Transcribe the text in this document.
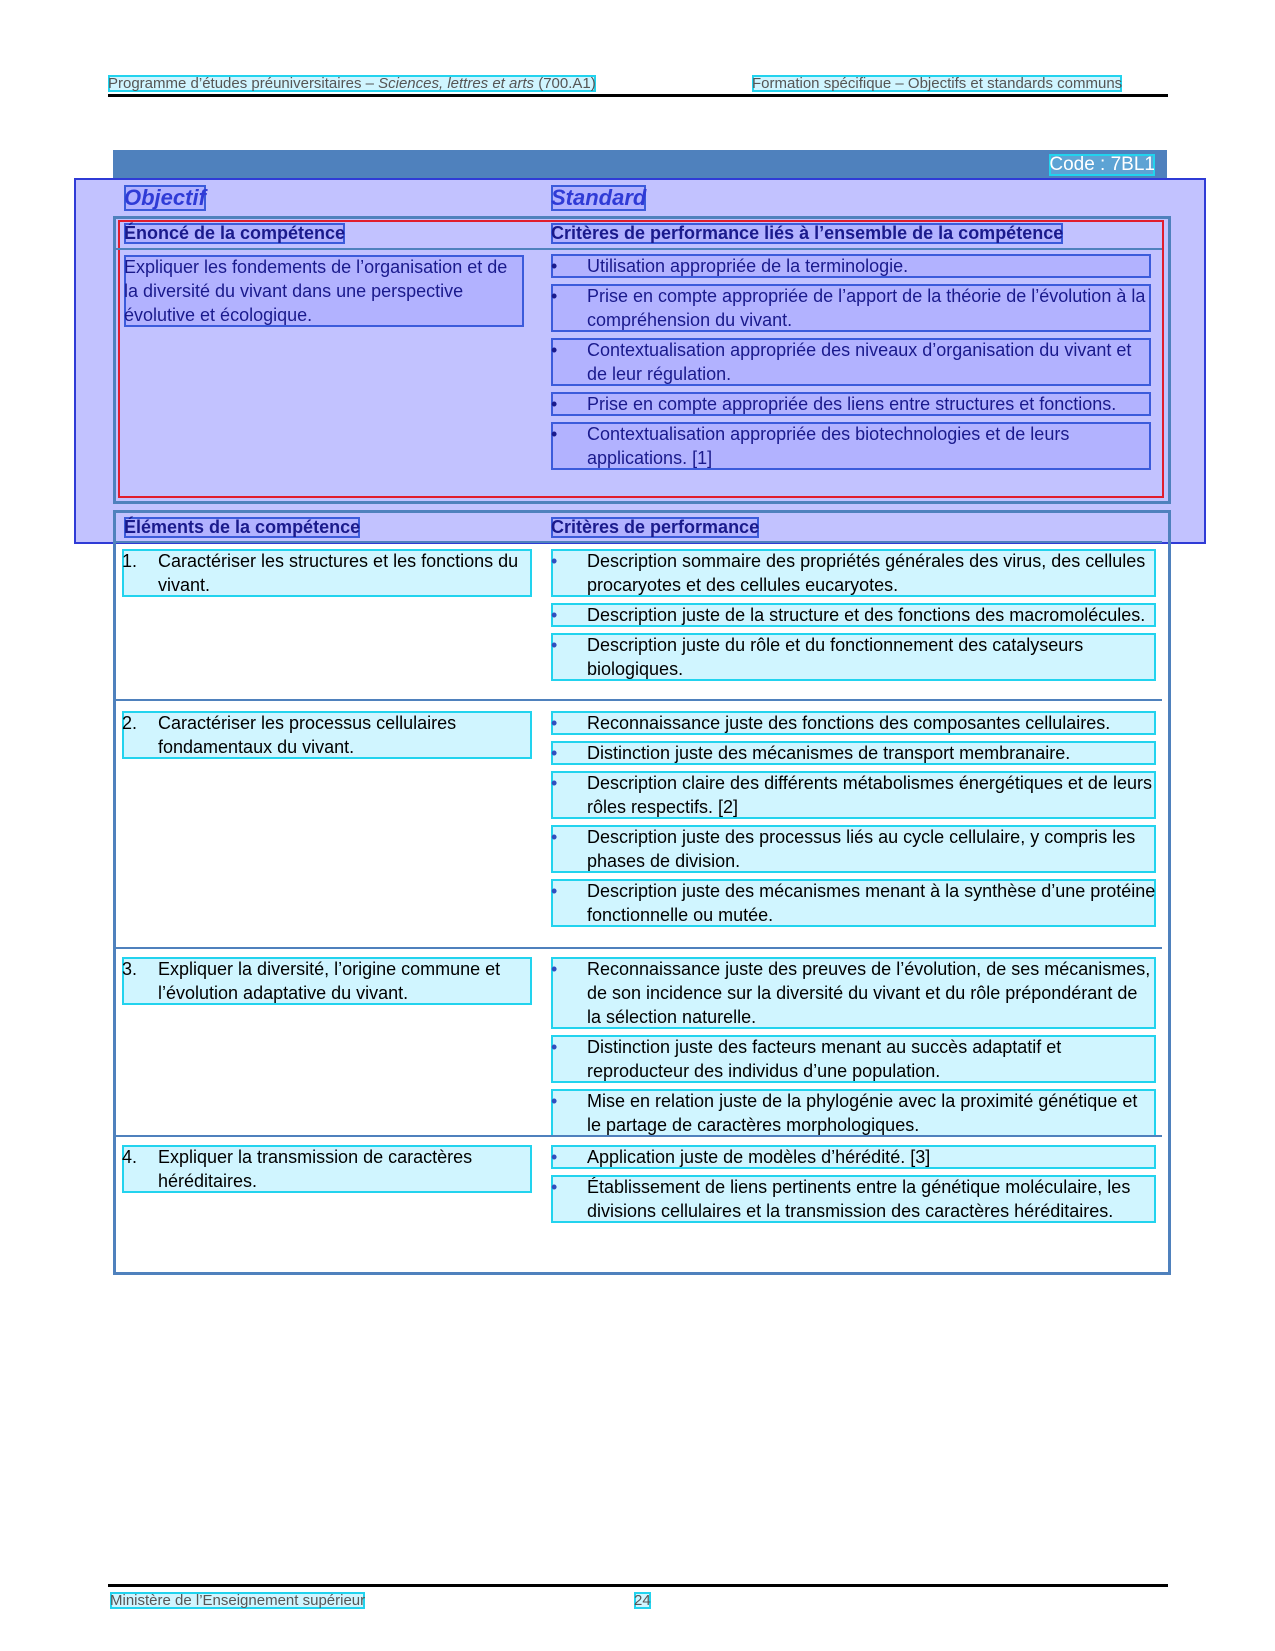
Programme d’études préuniversitaires – Sciences, lettres et arts (700.A1)	Formation spécifique – Objectifs et standards communs
Code : 7BL1
Objectif	Standard
Énoncé de la compétence	Critères de performance liés à l’ensemble de la compétence
Expliquer les fondements de l’organisation et de la diversité du vivant dans une perspective évolutive et écologique.
• Utilisation appropriée de la terminologie.
• Prise en compte appropriée de l’apport de la théorie de l’évolution à la compréhension du vivant.
• Contextualisation appropriée des niveaux d’organisation du vivant et de leur régulation.
• Prise en compte appropriée des liens entre structures et fonctions.
• Contextualisation appropriée des biotechnologies et de leurs applications. [1]
Éléments de la compétence	Critères de performance
1. Caractériser les structures et les fonctions du vivant.
• Description sommaire des propriétés générales des virus, des cellules procaryotes et des cellules eucaryotes.
• Description juste de la structure et des fonctions des macromolécules.
• Description juste du rôle et du fonctionnement des catalyseurs biologiques.
2. Caractériser les processus cellulaires fondamentaux du vivant.
• Reconnaissance juste des fonctions des composantes cellulaires.
• Distinction juste des mécanismes de transport membranaire.
• Description claire des différents métabolismes énergétiques et de leurs rôles respectifs. [2]
• Description juste des processus liés au cycle cellulaire, y compris les phases de division.
• Description juste des mécanismes menant à la synthèse d’une protéine fonctionnelle ou mutée.
3. Expliquer la diversité, l’origine commune et l’évolution adaptative du vivant.
• Reconnaissance juste des preuves de l’évolution, de ses mécanismes, de son incidence sur la diversité du vivant et du rôle prépondérant de la sélection naturelle.
• Distinction juste des facteurs menant au succès adaptatif et reproducteur des individus d’une population.
• Mise en relation juste de la phylogénie avec la proximité génétique et le partage de caractères morphologiques.
4. Expliquer la transmission de caractères héréditaires.
• Application juste de modèles d’hérédité. [3]
• Établissement de liens pertinents entre la génétique moléculaire, les divisions cellulaires et la transmission des caractères héréditaires.
Ministère de l’Enseignement supérieur	24
